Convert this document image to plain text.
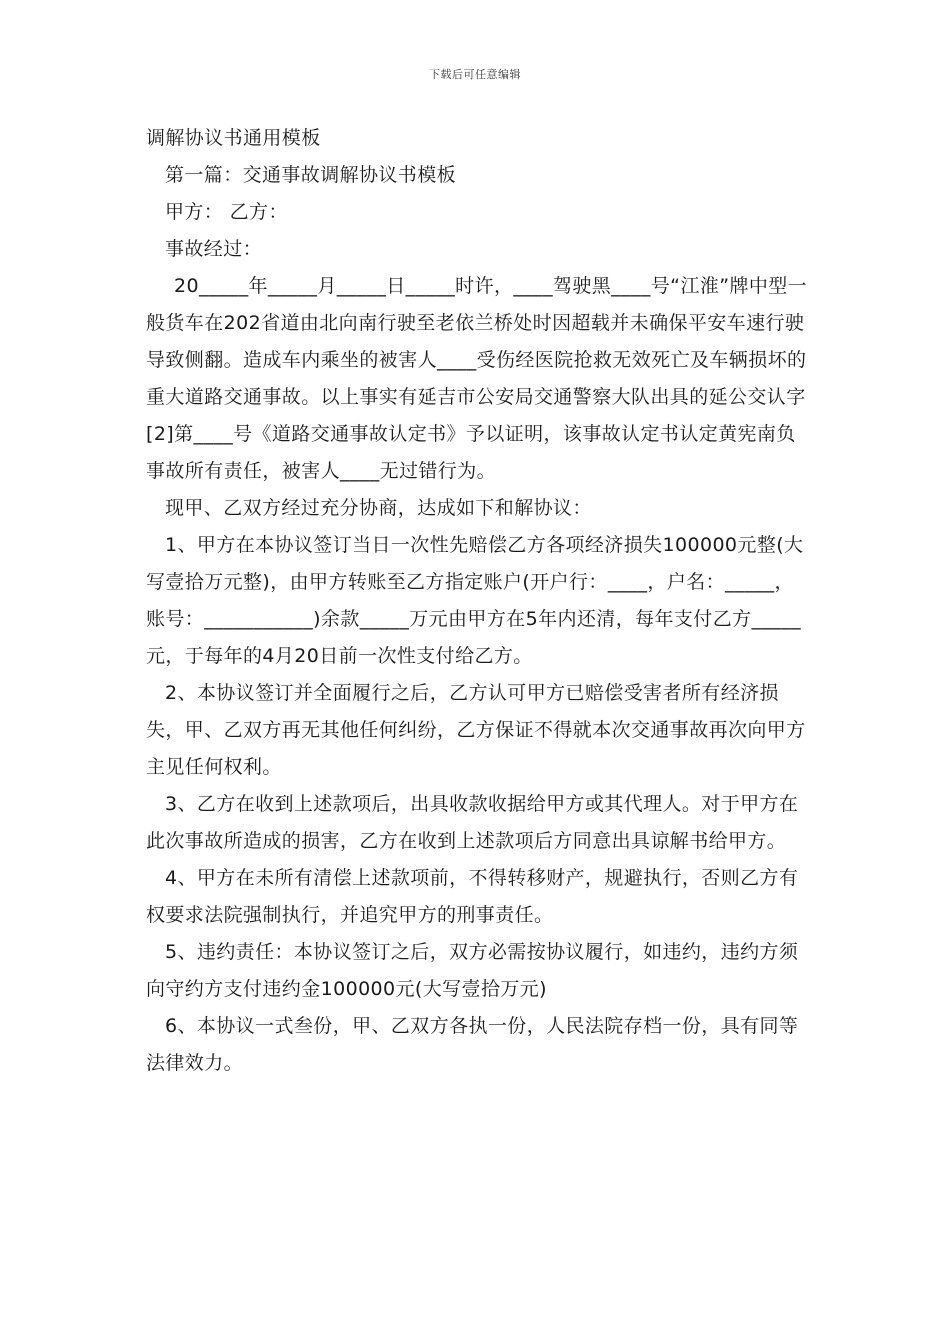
下载后可任意编辑

调解协议书通用模板

第一篇：交通事故调解协议书模板

甲方： 乙方：

事故经过：

20_____年_____月_____日_____时许，____驾驶黑____号“江淮”牌中型一般货车在202省道由北向南行驶至老依兰桥处时因超载并未确保平安车速行驶导致侧翻。造成车内乘坐的被害人____受伤经医院抢救无效死亡及车辆损坏的重大道路交通事故。以上事实有延吉市公安局交通警察大队出具的延公交认字[2]第____号《道路交通事故认定书》予以证明，该事故认定书认定黄宪南负事故所有责任，被害人____无过错行为。

现甲、乙双方经过充分协商，达成如下和解协议：

1、甲方在本协议签订当日一次性先赔偿乙方各项经济损失100000元整(大写壹拾万元整)，由甲方转账至乙方指定账户(开户行：____，户名：_____，账号：___________)余款_____万元由甲方在5年内还清，每年支付乙方_____元，于每年的4月20日前一次性支付给乙方。

2、本协议签订并全面履行之后，乙方认可甲方已赔偿受害者所有经济损失，甲、乙双方再无其他任何纠纷，乙方保证不得就本次交通事故再次向甲方主见任何权利。

3、乙方在收到上述款项后，出具收款收据给甲方或其代理人。对于甲方在此次事故所造成的损害，乙方在收到上述款项后方同意出具谅解书给甲方。

4、甲方在未所有清偿上述款项前，不得转移财产，规避执行，否则乙方有权要求法院强制执行，并追究甲方的刑事责任。

5、违约责任：本协议签订之后，双方必需按协议履行，如违约，违约方须向守约方支付违约金100000元(大写壹拾万元)

6、本协议一式叁份，甲、乙双方各执一份，人民法院存档一份，具有同等法律效力。
